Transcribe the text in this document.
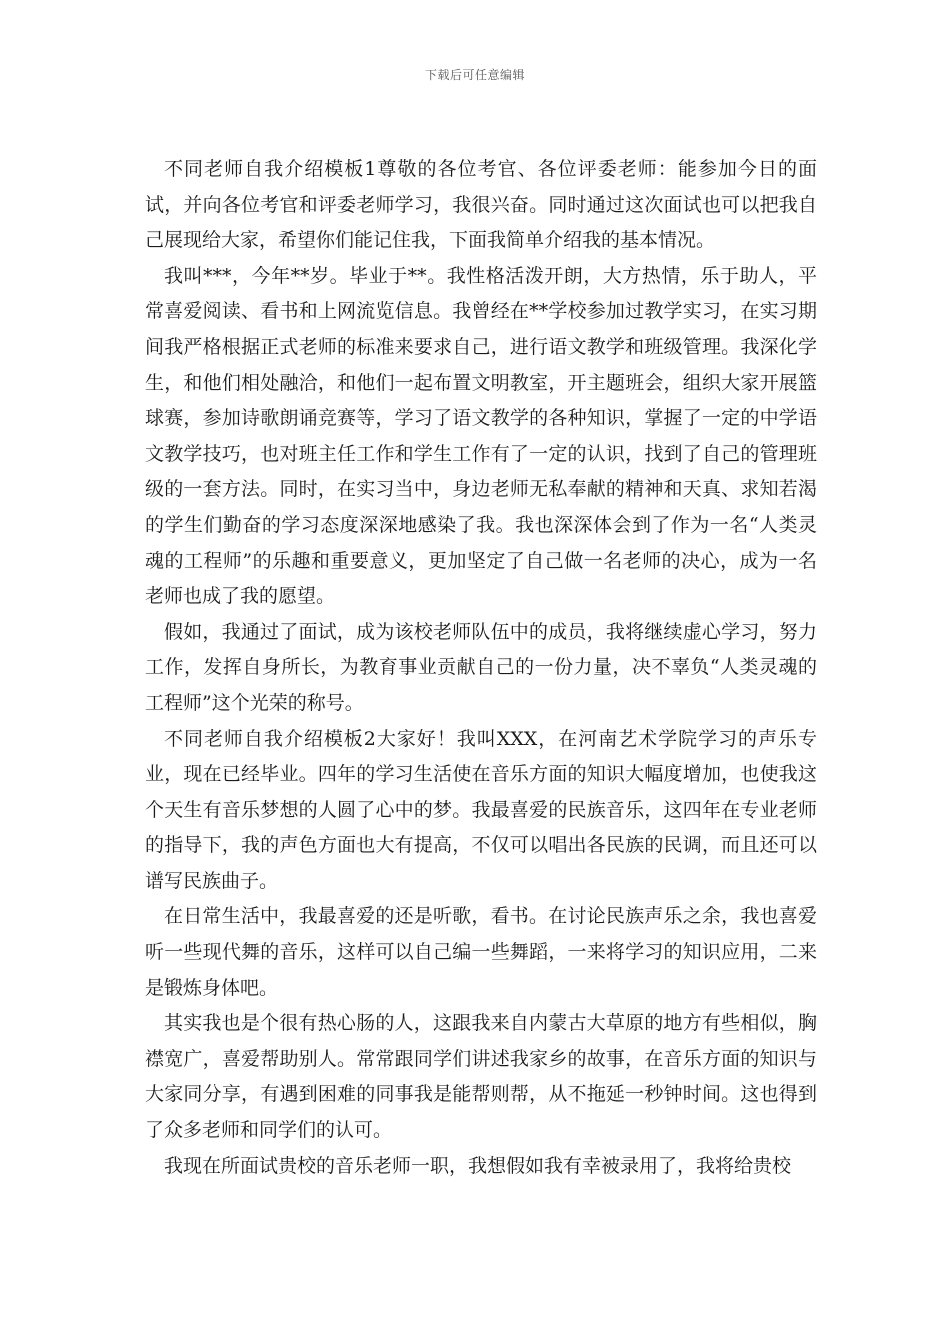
下载后可任意编辑

不同老师自我介绍模板1尊敬的各位考官、各位评委老师：能参加今日的面试，并向各位考官和评委老师学习，我很兴奋。同时通过这次面试也可以把我自己展现给大家，希望你们能记住我，下面我简单介绍我的基本情况。

我叫***，今年**岁。毕业于**。我性格活泼开朗，大方热情，乐于助人，平常喜爱阅读、看书和上网流览信息。我曾经在**学校参加过教学实习，在实习期间我严格根据正式老师的标准来要求自己，进行语文教学和班级管理。我深化学生，和他们相处融洽，和他们一起布置文明教室，开主题班会，组织大家开展篮球赛，参加诗歌朗诵竞赛等，学习了语文教学的各种知识，掌握了一定的中学语文教学技巧，也对班主任工作和学生工作有了一定的认识，找到了自己的管理班级的一套方法。同时，在实习当中，身边老师无私奉献的精神和天真、求知若渴的学生们勤奋的学习态度深深地感染了我。我也深深体会到了作为一名“人类灵魂的工程师”的乐趣和重要意义，更加坚定了自己做一名老师的决心，成为一名老师也成了我的愿望。

假如，我通过了面试，成为该校老师队伍中的成员，我将继续虚心学习，努力工作，发挥自身所长，为教育事业贡献自己的一份力量，决不辜负“人类灵魂的工程师”这个光荣的称号。

不同老师自我介绍模板2大家好！我叫XXX，在河南艺术学院学习的声乐专业，现在已经毕业。四年的学习生活使在音乐方面的知识大幅度增加，也使我这个天生有音乐梦想的人圆了心中的梦。我最喜爱的民族音乐，这四年在专业老师的指导下，我的声色方面也大有提高，不仅可以唱出各民族的民调，而且还可以谱写民族曲子。

在日常生活中，我最喜爱的还是听歌，看书。在讨论民族声乐之余，我也喜爱听一些现代舞的音乐，这样可以自己编一些舞蹈，一来将学习的知识应用，二来是锻炼身体吧。

其实我也是个很有热心肠的人，这跟我来自内蒙古大草原的地方有些相似，胸襟宽广，喜爱帮助别人。常常跟同学们讲述我家乡的故事，在音乐方面的知识与大家同分享，有遇到困难的同事我是能帮则帮，从不拖延一秒钟时间。这也得到了众多老师和同学们的认可。

我现在所面试贵校的音乐老师一职，我想假如我有幸被录用了，我将给贵校
